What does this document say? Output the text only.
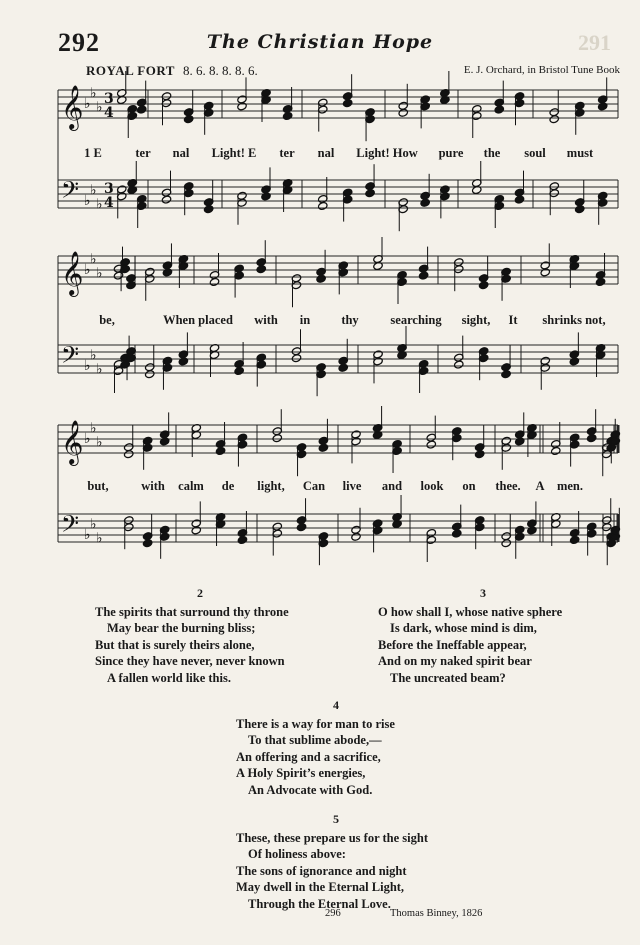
292	The Christian Hope	291
ROYAL FORT 8. 6. 8. 8. 8. 6.	E. J. Orchard, in Bristol Tune Book
𝄞 ♭
♭
♭
3
4
𝄢 ♭
♭
♭
3
4
𝄞 ♭
♭
♭
𝄢 ♭
♭
♭
𝄞 ♭
♭
♭
𝄢 ♭
♭
♭
1 E	ter	nal	Light! E	ter	nal	Light! How	pure	the	soul	must
be,	When placed	with	in	thy	searching	sight,	It	shrinks not,
but,	with	calm	de	light,	Can	live	and	look	on	thee.	A men.
2
The spirits that surround thy throne
May bear the burning bliss;
But that is surely theirs alone,
Since they have never, never known
A fallen world like this.
3
O how shall I, whose native sphere
Is dark, whose mind is dim,
Before the Ineffable appear,
And on my naked spirit bear
The uncreated beam?
4
There is a way for man to rise
To that sublime abode,—
An offering and a sacrifice,
A Holy Spirit’s energies,
An Advocate with God.
5
These, these prepare us for the sight
Of holiness above:
The sons of ignorance and night
May dwell in the Eternal Light,
Through the Eternal Love.
296	Thomas Binney, 1826
